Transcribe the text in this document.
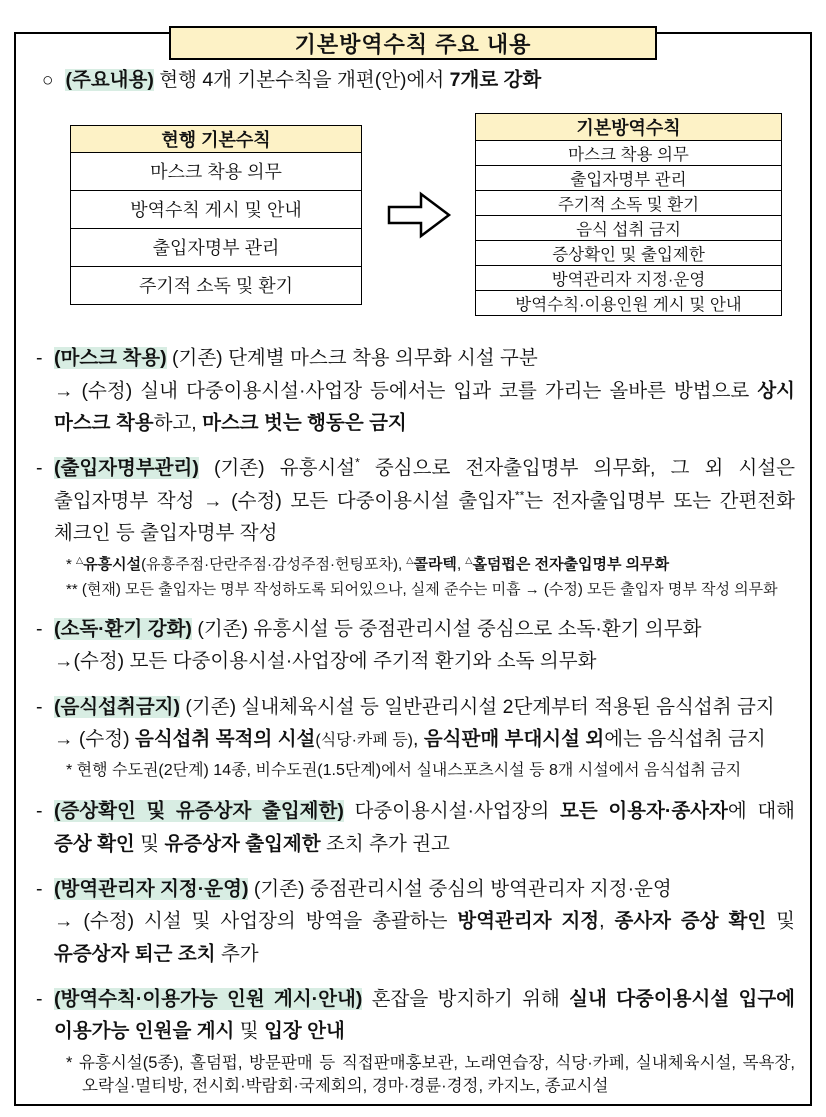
기본방역수칙 주요 내용
○ (주요내용) 현행 4개 기본수칙을 개편(안)에서 7개로 강화
현행 기본수칙
마스크 착용 의무
방역수칙 게시 및 안내
출입자명부 관리
주기적 소독 및 환기
기본방역수칙
마스크 착용 의무
출입자명부 관리
주기적 소독 및 환기
음식 섭취 금지
증상확인 및 출입제한
방역관리자 지정·운영
방역수칙·이용인원 게시 및 안내
- (마스크 착용) (기존) 단계별 마스크 착용 의무화 시설 구분
→ (수정) 실내 다중이용시설·사업장 등에서는 입과 코를 가리는 올바른 방법으로 상시 마스크 착용하고, 마스크 벗는 행동은 금지

- (출입자명부관리) (기존) 유흥시설* 중심으로 전자출입명부 의무화, 그 외 시설은 출입자명부 작성 → (수정) 모든 다중이용시설 출입자**는 전자출입명부 또는 간편전화 체크인 등 출입자명부 작성

* △유흥시설(유흥주점·단란주점·감성주점·헌팅포차), △콜라텍, △홀덤펍은 전자출입명부 의무화

** (현재) 모든 출입자는 명부 작성하도록 되어있으나, 실제 준수는 미흡 → (수정) 모든 출입자 명부 작성 의무화

- (소독·환기 강화) (기존) 유흥시설 등 중점관리시설 중심으로 소독·환기 의무화
→(수정) 모든 다중이용시설·사업장에 주기적 환기와 소독 의무화

- (음식섭취금지) (기존) 실내체육시설 등 일반관리시설 2단계부터 적용된 음식섭취 금지
→ (수정) 음식섭취 목적의 시설(식당·카페 등), 음식판매 부대시설 외에는 음식섭취 금지

* 현행 수도권(2단계) 14종, 비수도권(1.5단계)에서 실내스포츠시설 등 8개 시설에서 음식섭취 금지

- (증상확인 및 유증상자 출입제한) 다중이용시설·사업장의 모든 이용자·종사자에 대해 증상 확인 및 유증상자 출입제한 조치 추가 권고

- (방역관리자 지정·운영) (기존) 중점관리시설 중심의 방역관리자 지정·운영
→ (수정) 시설 및 사업장의 방역을 총괄하는 방역관리자 지정, 종사자 증상 확인 및 유증상자 퇴근 조치 추가

- (방역수칙·이용가능 인원 게시·안내) 혼잡을 방지하기 위해 실내 다중이용시설 입구에 이용가능 인원을 게시 및 입장 안내

* 유흥시설(5종), 홀덤펍, 방문판매 등 직접판매홍보관, 노래연습장, 식당·카페, 실내체육시설, 목욕장, 오락실·멀티방, 전시회·박람회·국제회의, 경마·경륜·경정, 카지노, 종교시설
